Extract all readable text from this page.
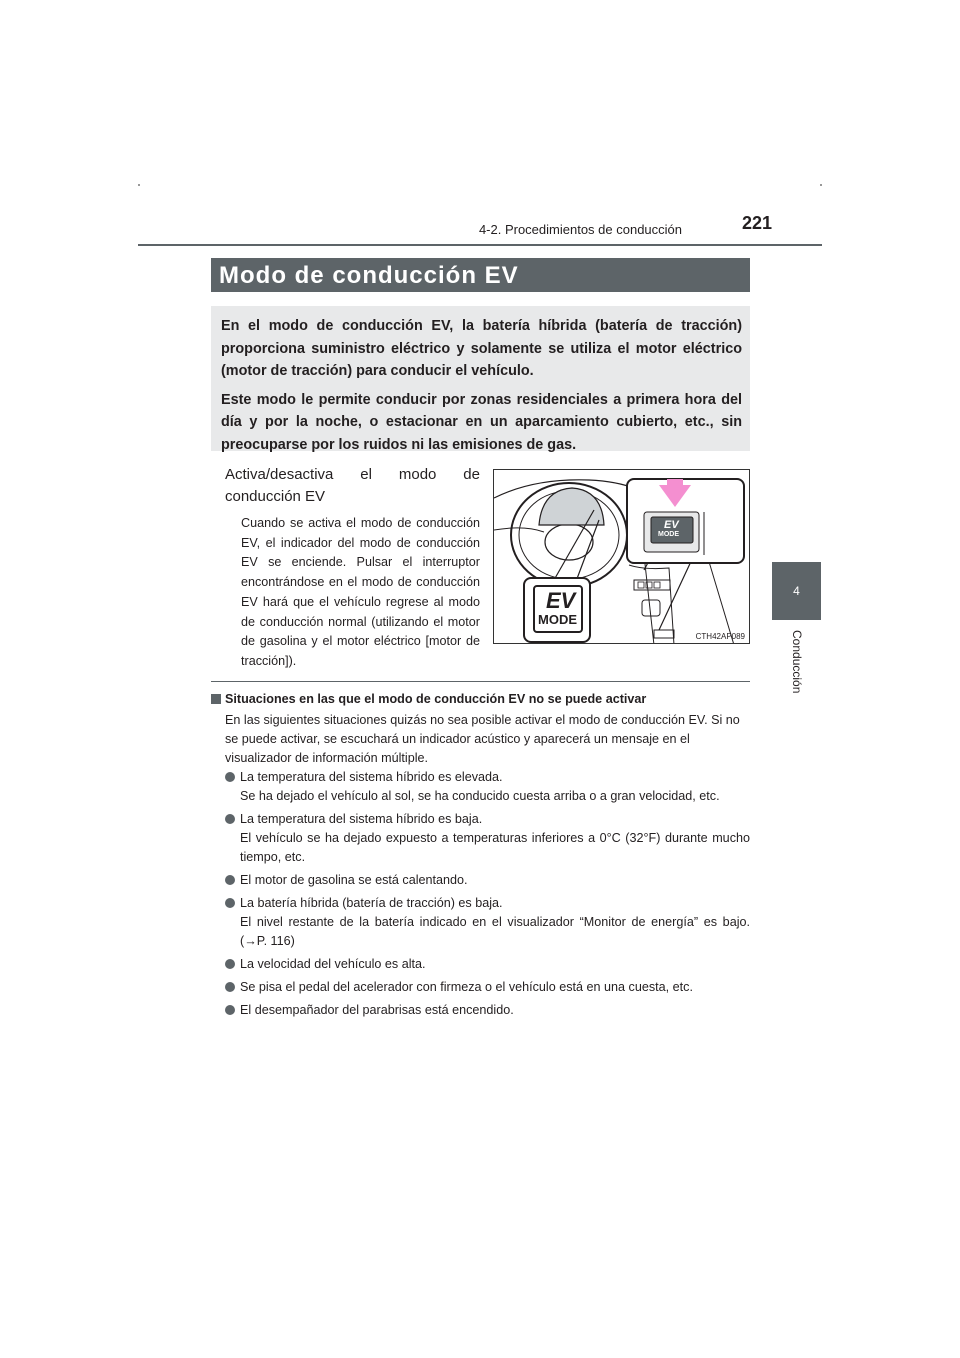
4-2. Procedimientos de conducción	221
4
Conducción
Modo de conducción EV

En el modo de conducción EV, la batería híbrida (batería de tracción) proporciona suministro eléctrico y solamente se utiliza el motor eléctrico (motor de tracción) para conducir el vehículo.

Este modo le permite conducir por zonas residenciales a primera hora del día y por la noche, o estacionar en un aparcamiento cubierto, etc., sin preocuparse por los ruidos ni las emisiones de gas.

Activa/desactiva el modo de conducción EV
Cuando se activa el modo de conducción EV, el indicador del modo de conducción EV se enciende. Pulsar el interruptor encontrándose en el modo de conducción EV hará que el vehículo regrese al modo de conducción normal (utilizando el motor de gasolina y el motor eléctrico [motor de tracción]).
EV
MODE
EV
MODE
CTH42AP089
Situaciones en las que el modo de conducción EV no se puede activar
En las siguientes situaciones quizás no sea posible activar el modo de conducción EV. Si no se puede activar, se escuchará un indicador acústico y aparecerá un mensaje en el visualizador de información múltiple.
La temperatura del sistema híbrido es elevada.
Se ha dejado el vehículo al sol, se ha conducido cuesta arriba o a gran velocidad, etc.
La temperatura del sistema híbrido es baja.
El vehículo se ha dejado expuesto a temperaturas inferiores a 0°C (32°F) durante mucho tiempo, etc.
El motor de gasolina se está calentando.
La batería híbrida (batería de tracción) es baja.
El nivel restante de la batería indicado en el visualizador “Monitor de energía” es bajo. (→P. 116)
La velocidad del vehículo es alta.
Se pisa el pedal del acelerador con firmeza o el vehículo está en una cuesta, etc.
El desempañador del parabrisas está encendido.
